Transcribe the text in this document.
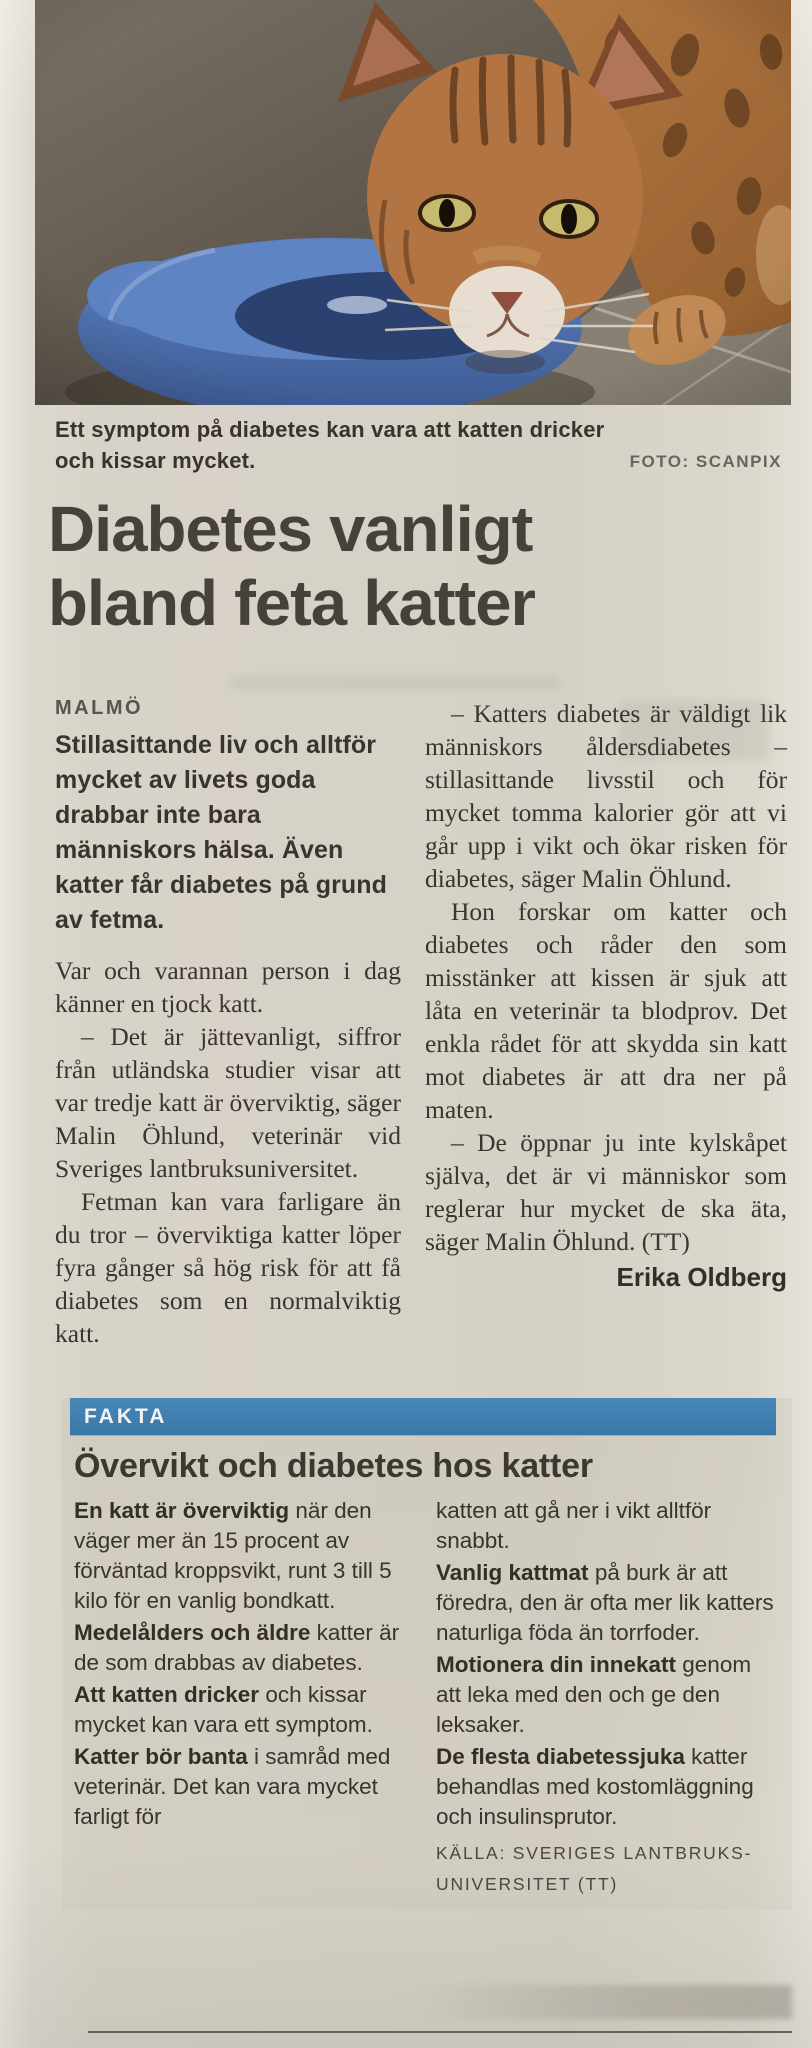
Ett symptom på diabetes kan vara att katten dricker och kissar mycket.	FOTO: SCANPIX
Diabetes vanligt
bland feta katter

MALMÖ

Stillasittande liv och alltför mycket av livets goda drabbar inte bara människors hälsa. Även katter får diabetes på grund av fetma.

Var och varannan person i dag känner en tjock katt.

– Det är jättevanligt, siffror från utländska studier visar att var tredje katt är överviktig, säger Malin Öhlund, veterinär vid Sveriges lantbruksuniversitet.

Fetman kan vara farligare än du tror – överviktiga katter löper fyra gånger så hög risk för att få diabetes som en normalviktig katt.

– Katters diabetes är väldigt lik människors åldersdiabetes – stillasittande livsstil och för mycket tomma kalorier gör att vi går upp i vikt och ökar risken för diabetes, säger Malin Öhlund.

Hon forskar om katter och diabetes och råder den som misstänker att kissen är sjuk att låta en veterinär ta blodprov. Det enkla rådet för att skydda sin katt mot diabetes är att dra ner på maten.

– De öppnar ju inte kylskåpet själva, det är vi människor som reglerar hur mycket de ska äta, säger Malin Öhlund. (TT)

Erika Oldberg
FAKTA
Övervikt och diabetes hos katter

En katt är överviktig när den väger mer än 15 procent av förväntad kroppsvikt, runt 3 till 5 kilo för en vanlig bondkatt.

Medelålders och äldre katter är de som drabbas av diabetes.

Att katten dricker och kissar mycket kan vara ett symptom.

Katter bör banta i samråd med veterinär. Det kan vara mycket farligt för

katten att gå ner i vikt alltför snabbt.

Vanlig kattmat på burk är att föredra, den är ofta mer lik katters naturliga föda än torrfoder.

Motionera din innekatt genom att leka med den och ge den leksaker.

De flesta diabetessjuka katter behandlas med kostomläggning och insulinsprutor.

KÄLLA: SVERIGES LANTBRUKS-
UNIVERSITET (TT)
